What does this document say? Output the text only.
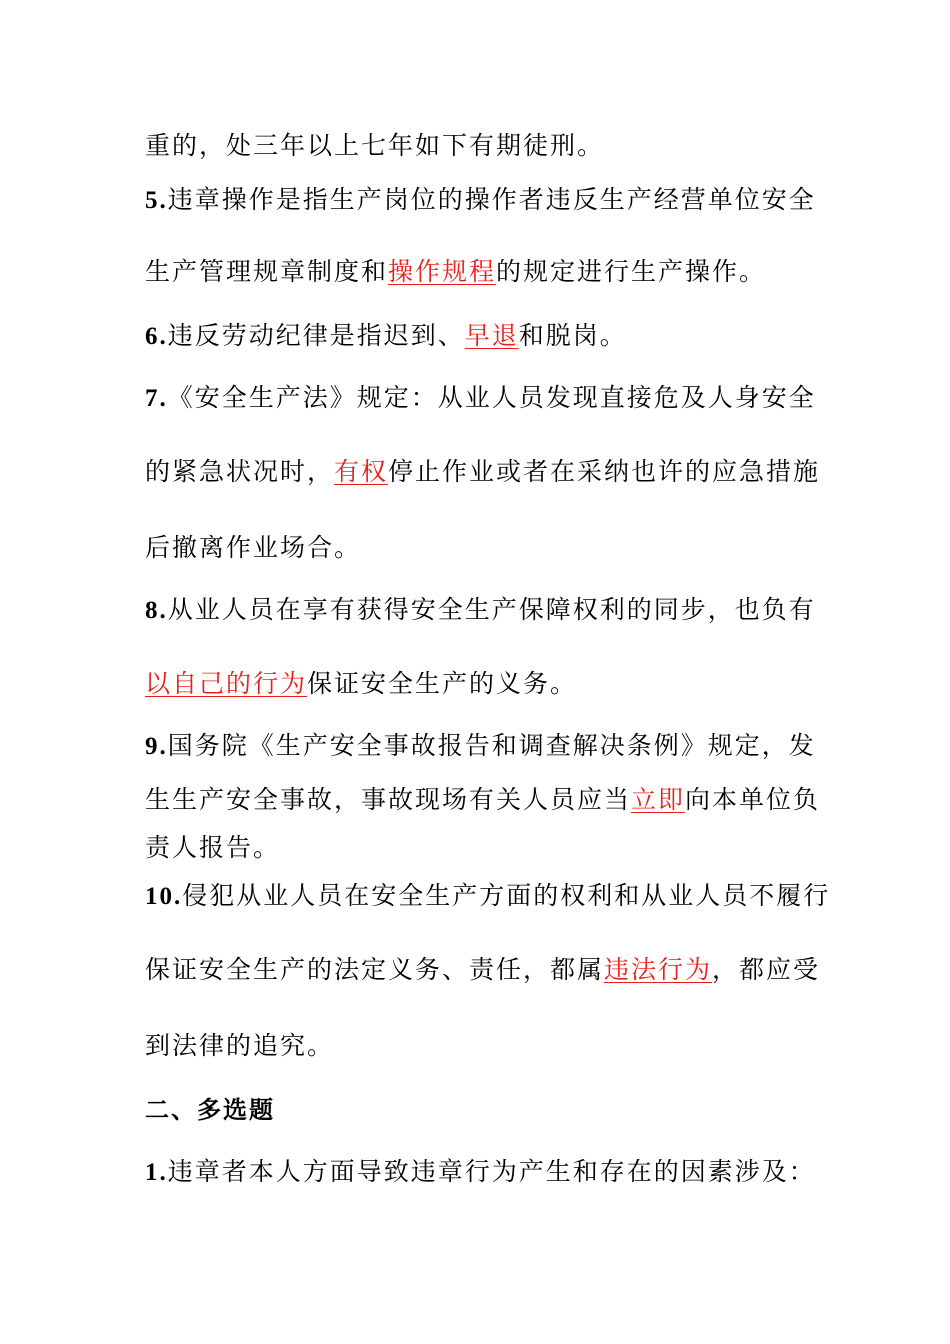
重的，处三年以上七年如下有期徒刑。
5.违章操作是指生产岗位的操作者违反生产经营单位安全
生产管理规章制度和操作规程的规定进行生产操作。
6.违反劳动纪律是指迟到、早退和脱岗。
7.《安全生产法》规定：从业人员发现直接危及人身安全
的紧急状况时，有权停止作业或者在采纳也许的应急措施
后撤离作业场合。
8.从业人员在享有获得安全生产保障权利的同步，也负有
以自己的行为保证安全生产的义务。
9.国务院《生产安全事故报告和调查解决条例》规定，发
生生产安全事故，事故现场有关人员应当立即向本单位负
责人报告。
10.侵犯从业人员在安全生产方面的权利和从业人员不履行
保证安全生产的法定义务、责任，都属违法行为，都应受
到法律的追究。
二、多选题
1.违章者本人方面导致违章行为产生和存在的因素涉及：
